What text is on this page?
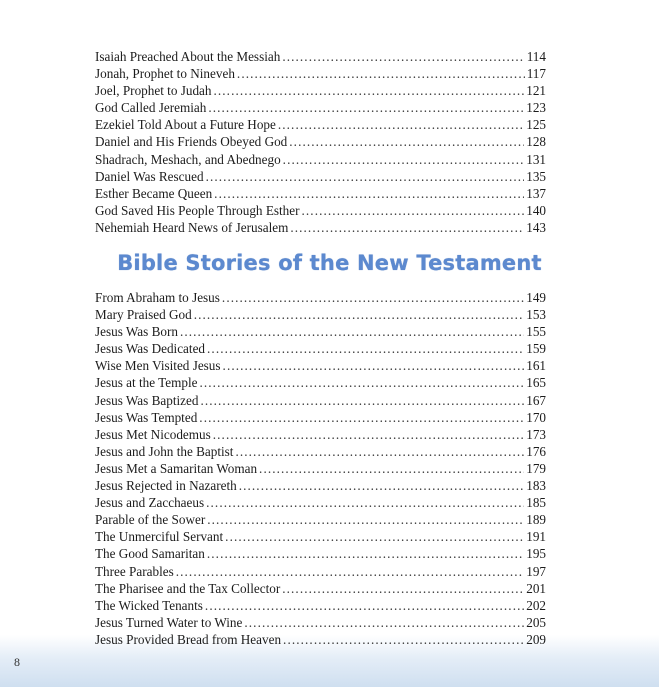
Isaiah Preached About the Messiah .....	114
Jonah, Prophet to Nineveh .....	117
Joel, Prophet to Judah .....	121
God Called Jeremiah .....	123
Ezekiel Told About a Future Hope .....	125
Daniel and His Friends Obeyed God .....	128
Shadrach, Meshach, and Abednego .....	131
Daniel Was Rescued .....	135
Esther Became Queen .....	137
God Saved His People Through Esther .....	140
Nehemiah Heard News of Jerusalem .....	143
Bible Stories of the New Testament
From Abraham to Jesus .....	149
Mary Praised God .....	153
Jesus Was Born .....	155
Jesus Was Dedicated .....	159
Wise Men Visited Jesus .....	161
Jesus at the Temple .....	165
Jesus Was Baptized .....	167
Jesus Was Tempted .....	170
Jesus Met Nicodemus .....	173
Jesus and John the Baptist .....	176
Jesus Met a Samaritan Woman .....	179
Jesus Rejected in Nazareth .....	183
Jesus and Zacchaeus .....	185
Parable of the Sower .....	189
The Unmerciful Servant .....	191
The Good Samaritan .....	195
Three Parables .....	197
The Pharisee and the Tax Collector .....	201
The Wicked Tenants .....	202
Jesus Turned Water to Wine .....	205
Jesus Provided Bread from Heaven .....	209
8
